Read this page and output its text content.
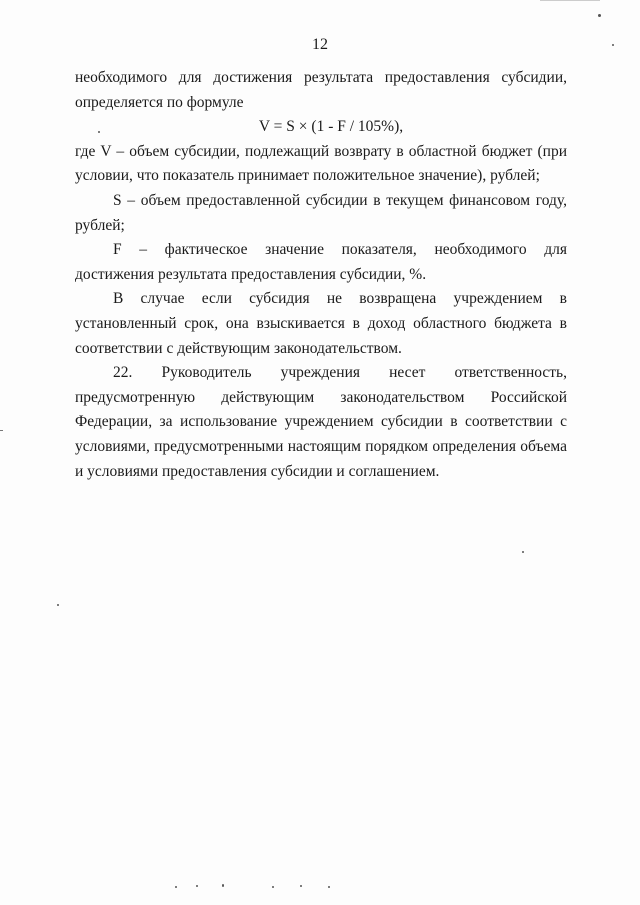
12

необходимого для достижения результата предоставления субсидии, определяется по формуле

V = S × (1 - F / 105%),

где V – объем субсидии, подлежащий возврату в областной бюджет (при условии, что показатель принимает положительное значение), рублей;

S – объем предоставленной субсидии в текущем финансовом году, рублей;

F – фактическое значение показателя, необходимого для достижения результата предоставления субсидии, %.

В случае если субсидия не возвращена учреждением в установленный срок, она взыскивается в доход областного бюджета в соответствии с действующим законодательством.

22. Руководитель учреждения несет ответственность, предусмотренную действующим законодательством Российской Федерации, за использование учреждением субсидии в соответствии с условиями, предусмотренными настоящим порядком определения объема и условиями предоставления субсидии и соглашением.
